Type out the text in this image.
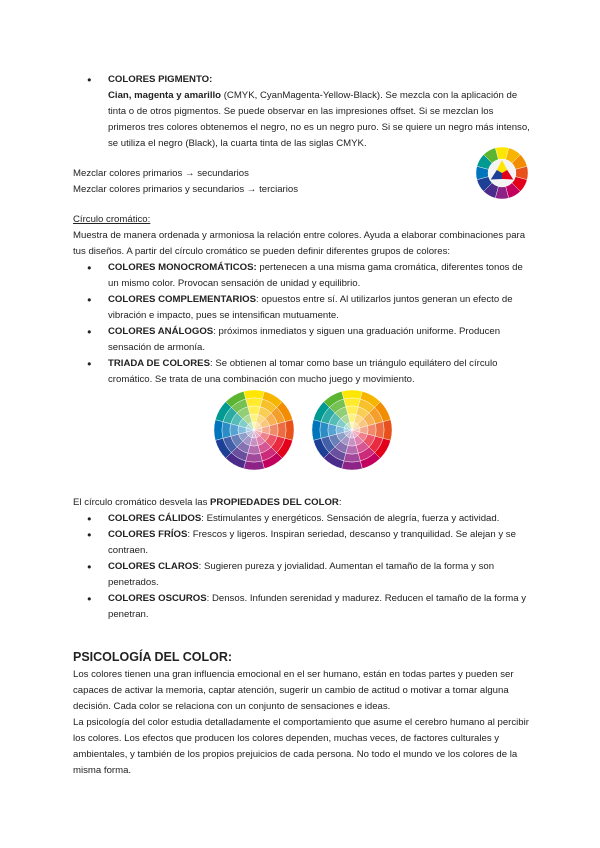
● COLORES PIGMENTO:
Cian, magenta y amarillo (CMYK, CyanMagenta-Yellow-Black). Se mezcla con la aplicación de tinta o de otros pigmentos. Se puede observar en las impresiones offset. Si se mezclan los primeros tres colores obtenemos el negro, no es un negro puro. Si se quiere un negro más intenso, se utiliza el negro (Black), la cuarta tinta de las siglas CMYK.
Mezclar colores primarios → secundarios
Mezclar colores primarios y secundarios → terciarios
Círculo cromático:
Muestra de manera ordenada y armoniosa la relación entre colores. Ayuda a elaborar combinaciones para tus diseños. A partir del círculo cromático se pueden definir diferentes grupos de colores:
● COLORES MONOCROMÁTICOS: pertenecen a una misma gama cromática, diferentes tonos de un mismo color. Provocan sensación de unidad y equilibrio.
● COLORES COMPLEMENTARIOS: opuestos entre sí. Al utilizarlos juntos generan un efecto de vibración e impacto, pues se intensifican mutuamente.
● COLORES ANÁLOGOS: próximos inmediatos y siguen una graduación uniforme. Producen sensación de armonía.
● TRIADA DE COLORES: Se obtienen al tomar como base un triángulo equilátero del círculo cromático. Se trata de una combinación con mucho juego y movimiento.
El círculo cromático desvela las PROPIEDADES DEL COLOR:
● COLORES CÁLIDOS: Estimulantes y energéticos. Sensación de alegría, fuerza y actividad.
● COLORES FRÍOS: Frescos y ligeros. Inspiran seriedad, descanso y tranquilidad. Se alejan y se contraen.
● COLORES CLAROS: Sugieren pureza y jovialidad. Aumentan el tamaño de la forma y son penetrados.
● COLORES OSCUROS: Densos. Infunden serenidad y madurez. Reducen el tamaño de la forma y penetran.
PSICOLOGÍA DEL COLOR:
Los colores tienen una gran influencia emocional en el ser humano, están en todas partes y pueden ser capaces de activar la memoria, captar atención, sugerir un cambio de actitud o motivar a tomar alguna decisión. Cada color se relaciona con un conjunto de sensaciones e ideas.
La psicología del color estudia detalladamente el comportamiento que asume el cerebro humano al percibir los colores. Los efectos que producen los colores dependen, muchas veces, de factores culturales y ambientales, y también de los propios prejuicios de cada persona. No todo el mundo ve los colores de la misma forma.
